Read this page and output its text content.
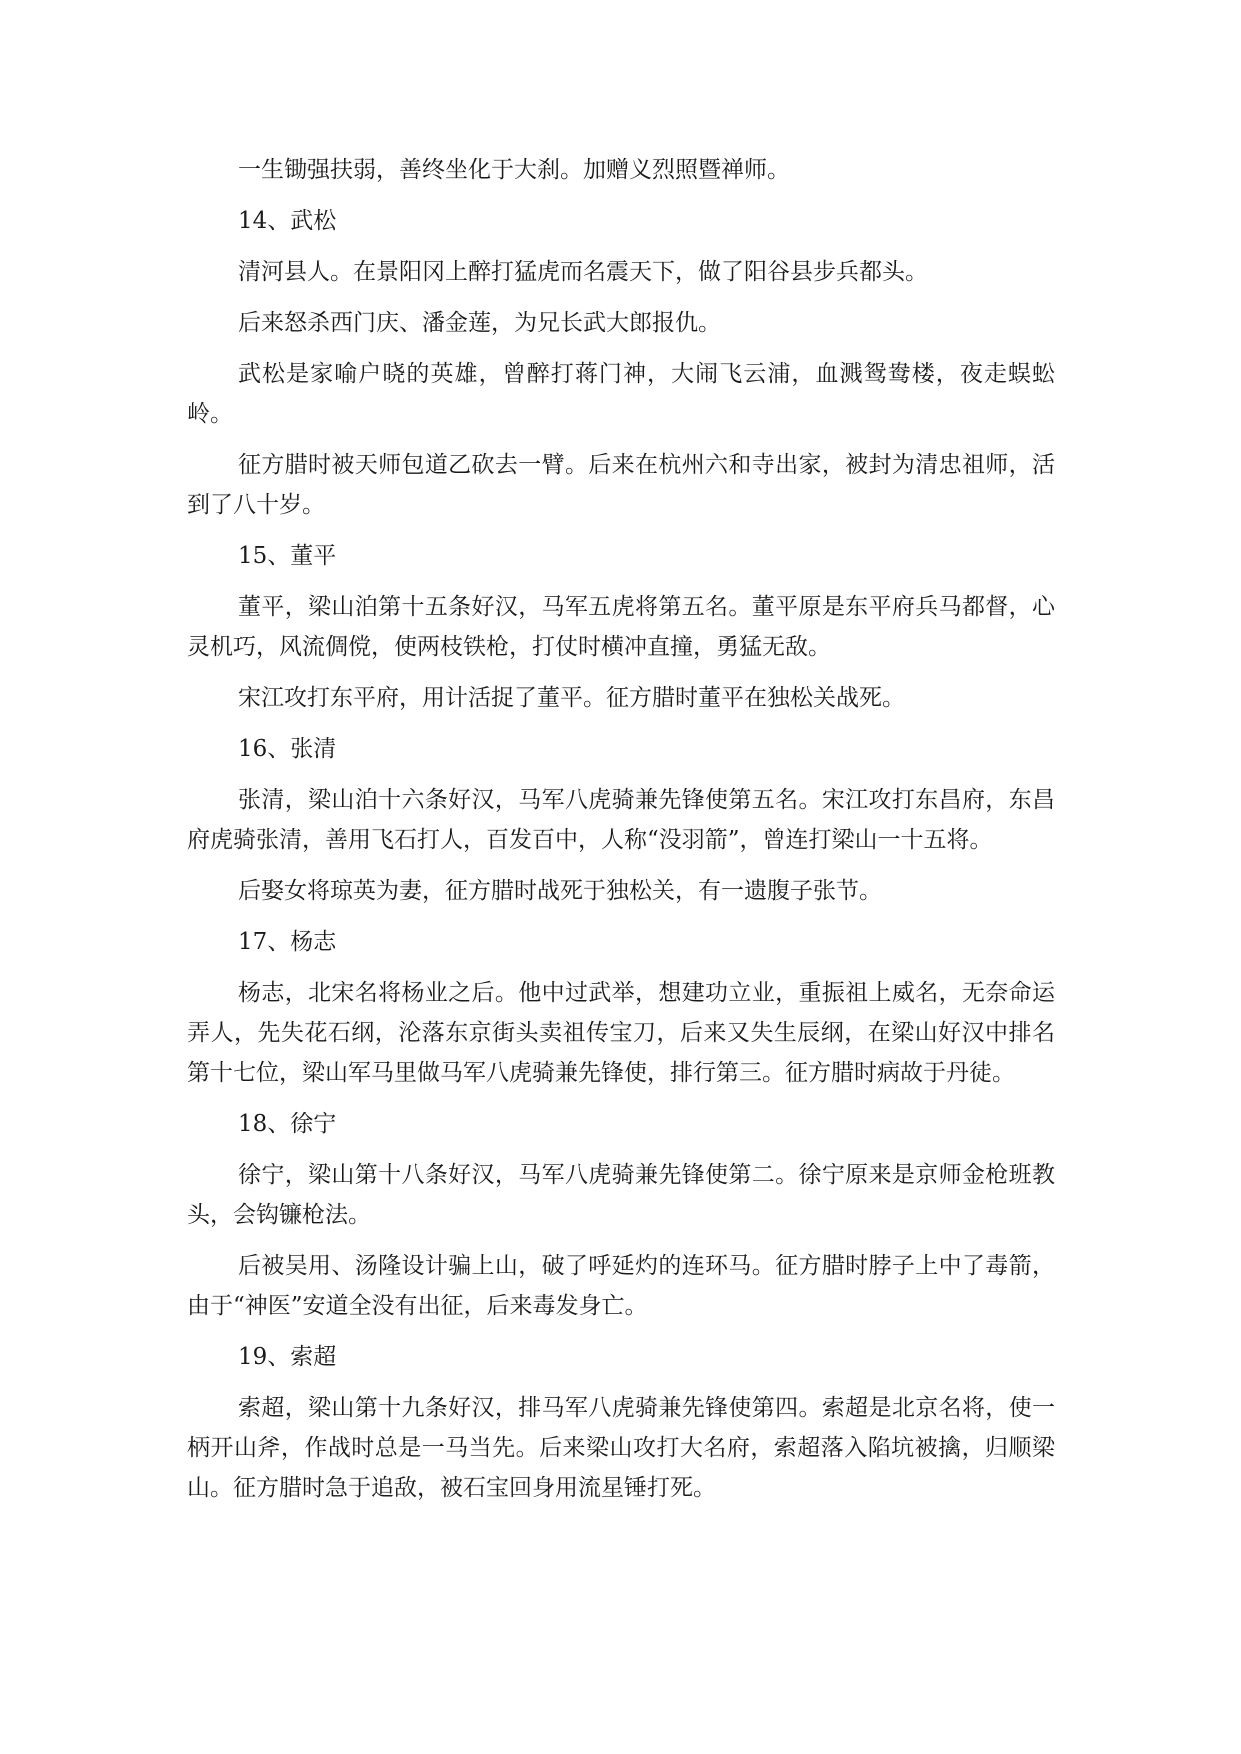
一生锄强扶弱，善终坐化于大刹。加赠义烈照暨禅师。

14、武松

清河县人。在景阳冈上醉打猛虎而名震天下，做了阳谷县步兵都头。

后来怒杀西门庆、潘金莲，为兄长武大郎报仇。

武松是家喻户晓的英雄，曾醉打蒋门神，大闹飞云浦，血溅鸳鸯楼，夜走蜈蚣岭。

征方腊时被天师包道乙砍去一臂。后来在杭州六和寺出家，被封为清忠祖师，活到了八十岁。

15、董平

董平，梁山泊第十五条好汉，马军五虎将第五名。董平原是东平府兵马都督，心灵机巧，风流倜傥，使两枝铁枪，打仗时横冲直撞，勇猛无敌。

宋江攻打东平府，用计活捉了董平。征方腊时董平在独松关战死。

16、张清

张清，梁山泊十六条好汉，马军八虎骑兼先锋使第五名。宋江攻打东昌府，东昌府虎骑张清，善用飞石打人，百发百中，人称“没羽箭”，曾连打梁山一十五将。

后娶女将琼英为妻，征方腊时战死于独松关，有一遗腹子张节。

17、杨志

杨志，北宋名将杨业之后。他中过武举，想建功立业，重振祖上威名，无奈命运弄人，先失花石纲，沦落东京街头卖祖传宝刀，后来又失生辰纲，在梁山好汉中排名第十七位，梁山军马里做马军八虎骑兼先锋使，排行第三。征方腊时病故于丹徒。

18、徐宁

徐宁，梁山第十八条好汉，马军八虎骑兼先锋使第二。徐宁原来是京师金枪班教头，会钩镰枪法。

后被吴用、汤隆设计骗上山，破了呼延灼的连环马。征方腊时脖子上中了毒箭，由于“神医”安道全没有出征，后来毒发身亡。

19、索超

索超，梁山第十九条好汉，排马军八虎骑兼先锋使第四。索超是北京名将，使一柄开山斧，作战时总是一马当先。后来梁山攻打大名府，索超落入陷坑被擒，归顺梁山。征方腊时急于追敌，被石宝回身用流星锤打死。
